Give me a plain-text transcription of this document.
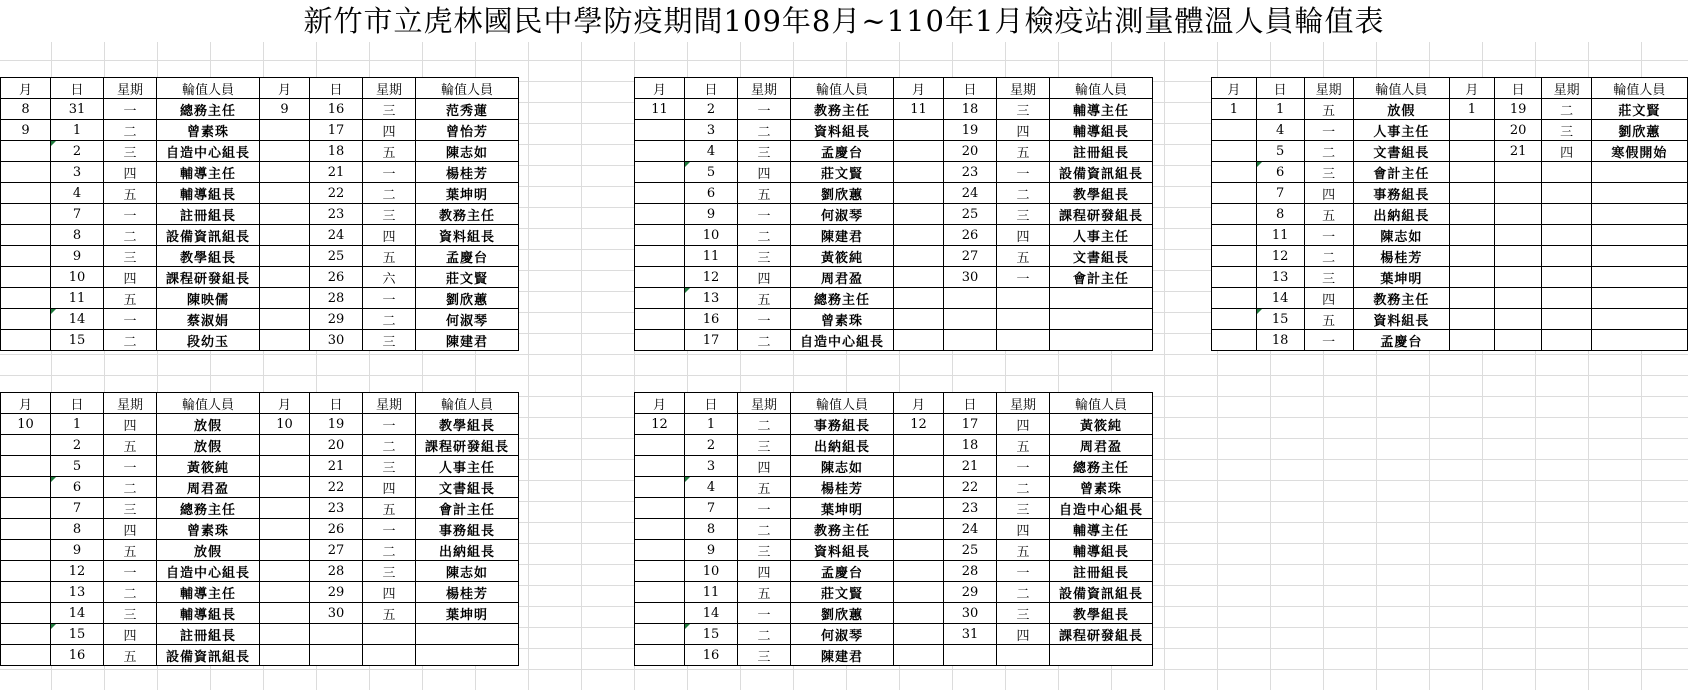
新竹市立虎林國民中學防疫期間109年8月~110年1月檢疫站測量體溫人員輪值表
月	日	星期	輪值人員	月	日	星期	輪值人員
8	31	一	總務主任	9	16	三	范秀蓮
9	1	二	曾素珠		17	四	曾怡芳
	2	三	自造中心組長		18	五	陳志如
	3	四	輔導主任		21	一	楊桂芳
	4	五	輔導組長		22	二	葉坤明
	7	一	註冊組長		23	三	教務主任
	8	二	設備資訊組長		24	四	資料組長
	9	三	教學組長		25	五	孟慶台
	10	四	課程研發組長		26	六	莊文賢
	11	五	陳映儒		28	一	劉欣蕙
	14	一	蔡淑娟		29	二	何淑琴
	15	二	段幼玉		30	三	陳建君
月	日	星期	輪值人員	月	日	星期	輪值人員
11	2	一	教務主任	11	18	三	輔導主任
	3	二	資料組長		19	四	輔導組長
	4	三	孟慶台		20	五	註冊組長
	5	四	莊文賢		23	一	設備資訊組長
	6	五	劉欣蕙		24	二	教學組長
	9	一	何淑琴		25	三	課程研發組長
	10	二	陳建君		26	四	人事主任
	11	三	黃筱純		27	五	文書組長
	12	四	周君盈		30	一	會計主任
	13	五	總務主任				
	16	一	曾素珠				
	17	二	自造中心組長				
月	日	星期	輪值人員	月	日	星期	輪值人員
1	1	五	放假	1	19	二	莊文賢
	4	一	人事主任		20	三	劉欣蕙
	5	二	文書組長		21	四	寒假開始
	6	三	會計主任				
	7	四	事務組長				
	8	五	出納組長				
	11	一	陳志如				
	12	二	楊桂芳				
	13	三	葉坤明				
	14	四	教務主任				
	15	五	資料組長				
	18	一	孟慶台				
月	日	星期	輪值人員	月	日	星期	輪值人員
10	1	四	放假	10	19	一	教學組長
	2	五	放假		20	二	課程研發組長
	5	一	黃筱純		21	三	人事主任
	6	二	周君盈		22	四	文書組長
	7	三	總務主任		23	五	會計主任
	8	四	曾素珠		26	一	事務組長
	9	五	放假		27	二	出納組長
	12	一	自造中心組長		28	三	陳志如
	13	二	輔導主任		29	四	楊桂芳
	14	三	輔導組長		30	五	葉坤明
	15	四	註冊組長				
	16	五	設備資訊組長				
月	日	星期	輪值人員	月	日	星期	輪值人員
12	1	二	事務組長	12	17	四	黃筱純
	2	三	出納組長		18	五	周君盈
	3	四	陳志如		21	一	總務主任
	4	五	楊桂芳		22	二	曾素珠
	7	一	葉坤明		23	三	自造中心組長
	8	二	教務主任		24	四	輔導主任
	9	三	資料組長		25	五	輔導組長
	10	四	孟慶台		28	一	註冊組長
	11	五	莊文賢		29	二	設備資訊組長
	14	一	劉欣蕙		30	三	教學組長
	15	二	何淑琴		31	四	課程研發組長
	16	三	陳建君				
